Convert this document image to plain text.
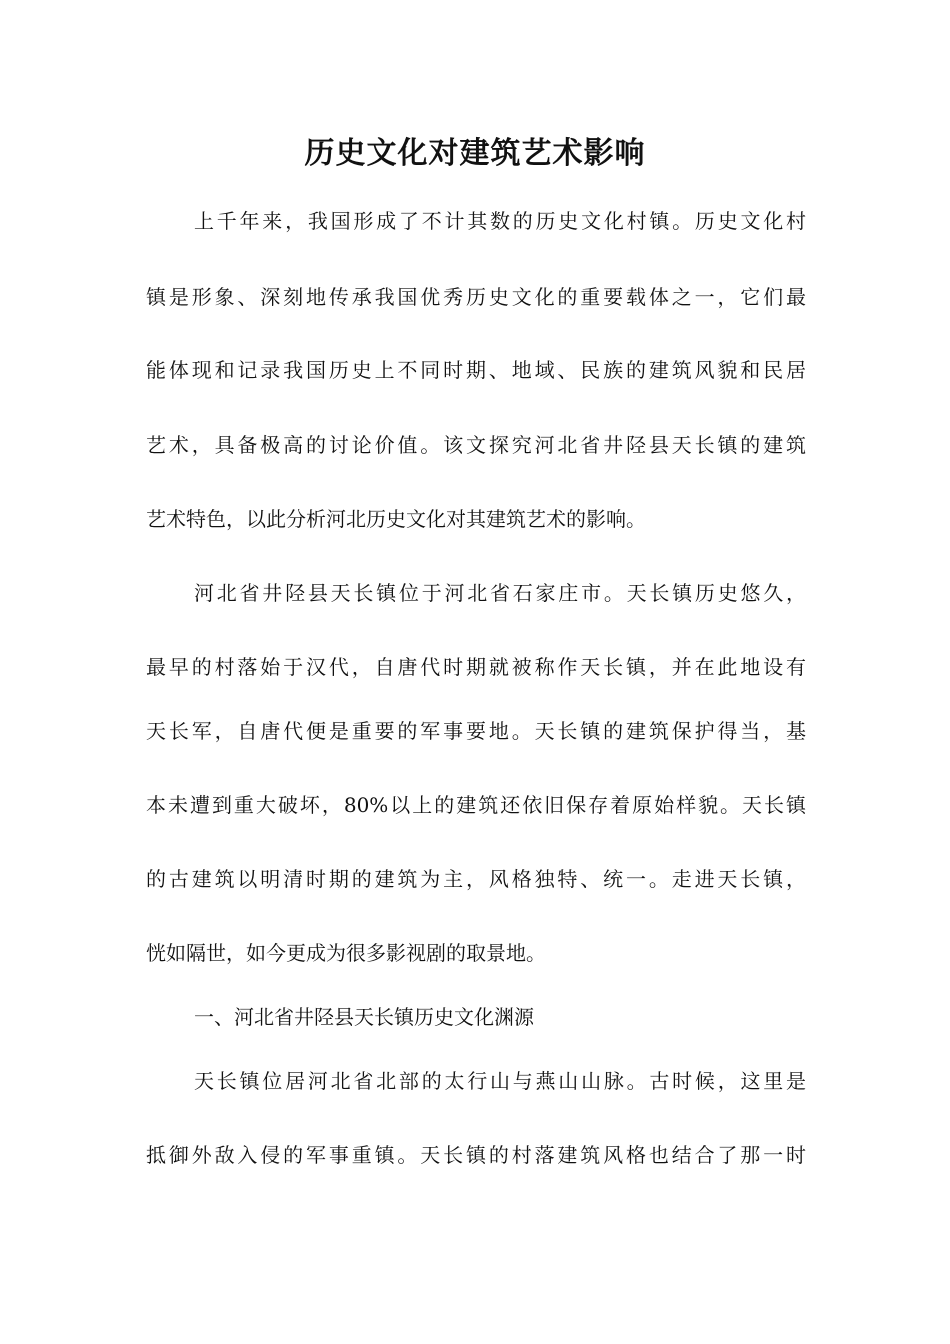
历史文化对建筑艺术影响

上千年来，我国形成了不计其数的历史文化村镇。历史文化村

镇是形象、深刻地传承我国优秀历史文化的重要载体之一，它们最

能体现和记录我国历史上不同时期、地域、民族的建筑风貌和民居

艺术，具备极高的讨论价值。该文探究河北省井陉县天长镇的建筑

艺术特色，以此分析河北历史文化对其建筑艺术的影响。

河北省井陉县天长镇位于河北省石家庄市。天长镇历史悠久，

最早的村落始于汉代，自唐代时期就被称作天长镇，并在此地设有

天长军，自唐代便是重要的军事要地。天长镇的建筑保护得当，基

本未遭到重大破坏，80%以上的建筑还依旧保存着原始样貌。天长镇

的古建筑以明清时期的建筑为主，风格独特、统一。走进天长镇，

恍如隔世，如今更成为很多影视剧的取景地。

一、河北省井陉县天长镇历史文化渊源

天长镇位居河北省北部的太行山与燕山山脉。古时候，这里是

抵御外敌入侵的军事重镇。天长镇的村落建筑风格也结合了那一时
